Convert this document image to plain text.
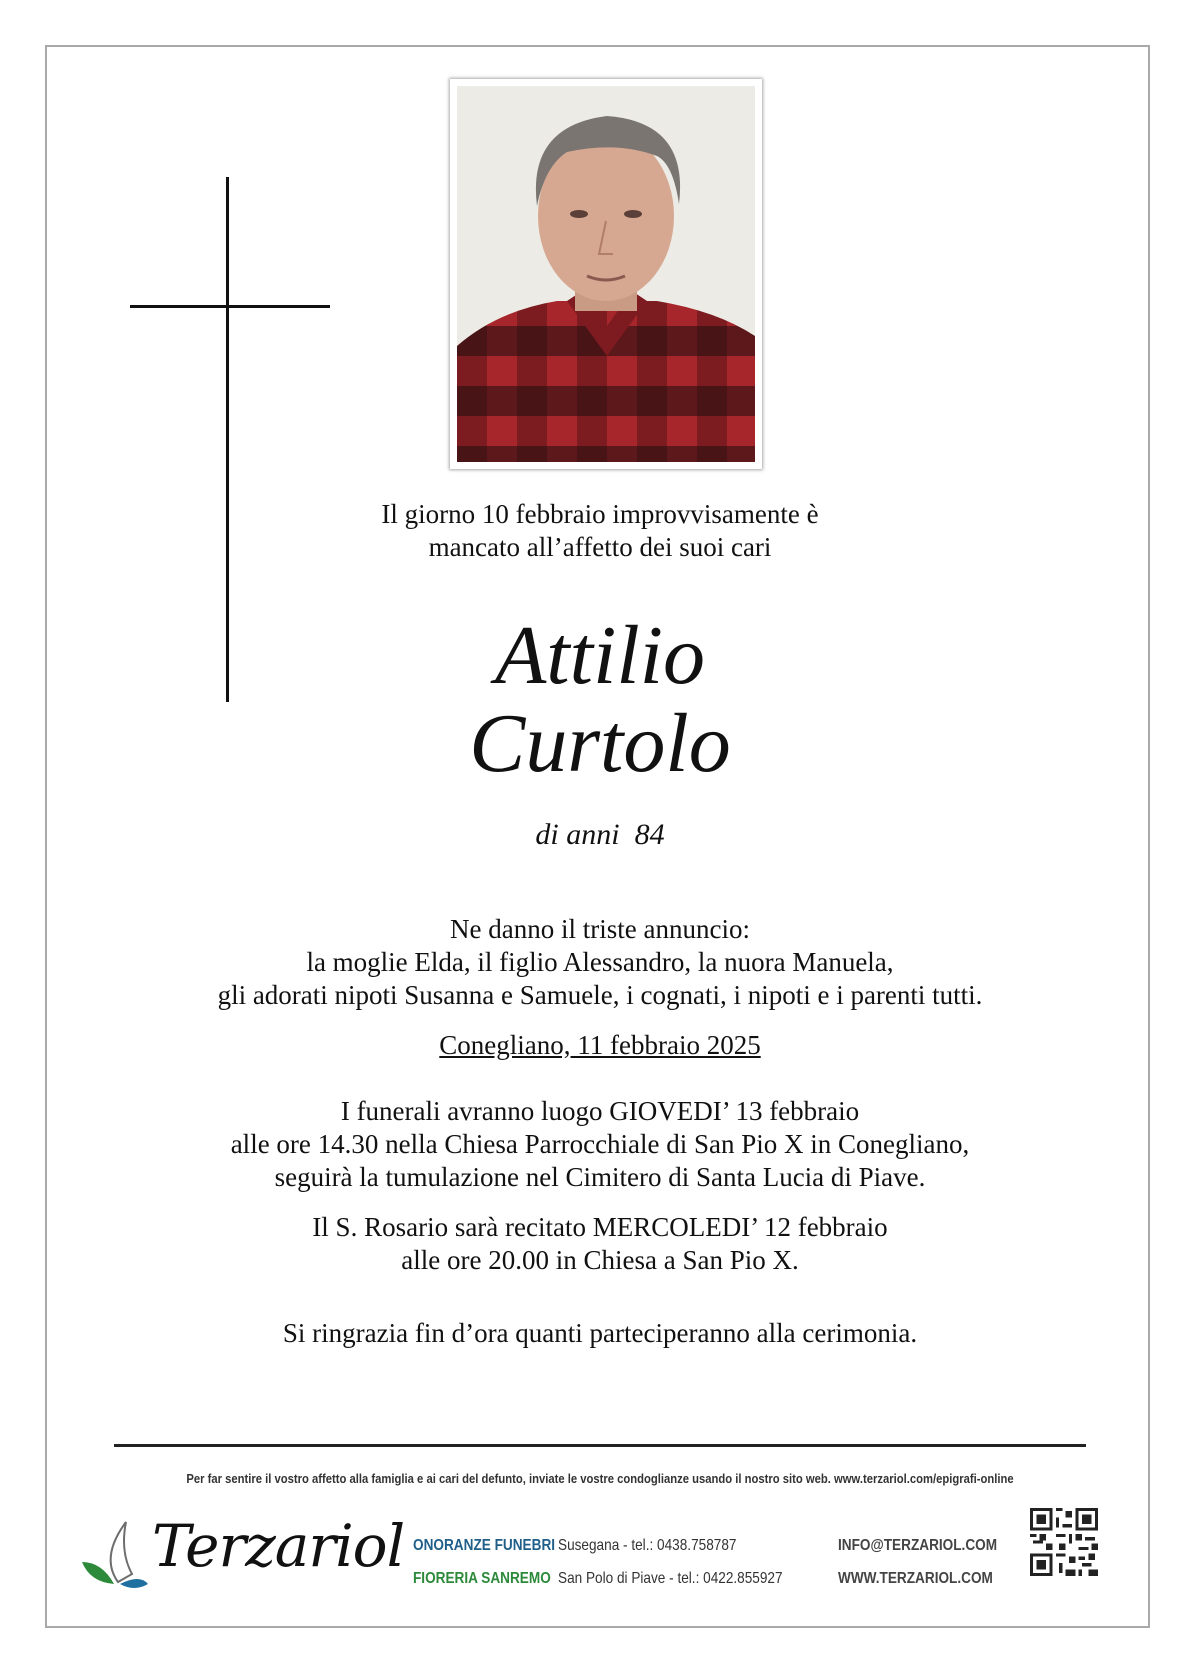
Il giorno 10 febbraio improvvisamente è
mancato all’affetto dei suoi cari
Attilio
Curtolo
di anni  84
Ne danno il triste annuncio:
la moglie Elda, il figlio Alessandro, la nuora Manuela,
gli adorati nipoti Susanna e Samuele, i cognati, i nipoti e i parenti tutti.
Conegliano, 11 febbraio 2025
I funerali avranno luogo GIOVEDI’ 13 febbraio
alle ore 14.30 nella Chiesa Parrocchiale di San Pio X in Conegliano,
seguirà la tumulazione nel Cimitero di Santa Lucia di Piave.
Il S. Rosario sarà recitato MERCOLEDI’ 12 febbraio
alle ore 20.00 in Chiesa a San Pio X.
Si ringrazia fin d’ora quanti parteciperanno alla cerimonia.
Per far sentire il vostro affetto alla famiglia e ai cari del defunto, inviate le vostre condoglianze usando il nostro sito web. www.terzariol.com/epigrafi-online
Terzariol ONORANZE FUNEBRI
FIORERIA SANREMO
Susegana - tel.: 0438.758787
San Polo di Piave - tel.: 0422.855927
INFO@TERZARIOL.COM
WWW.TERZARIOL.COM
